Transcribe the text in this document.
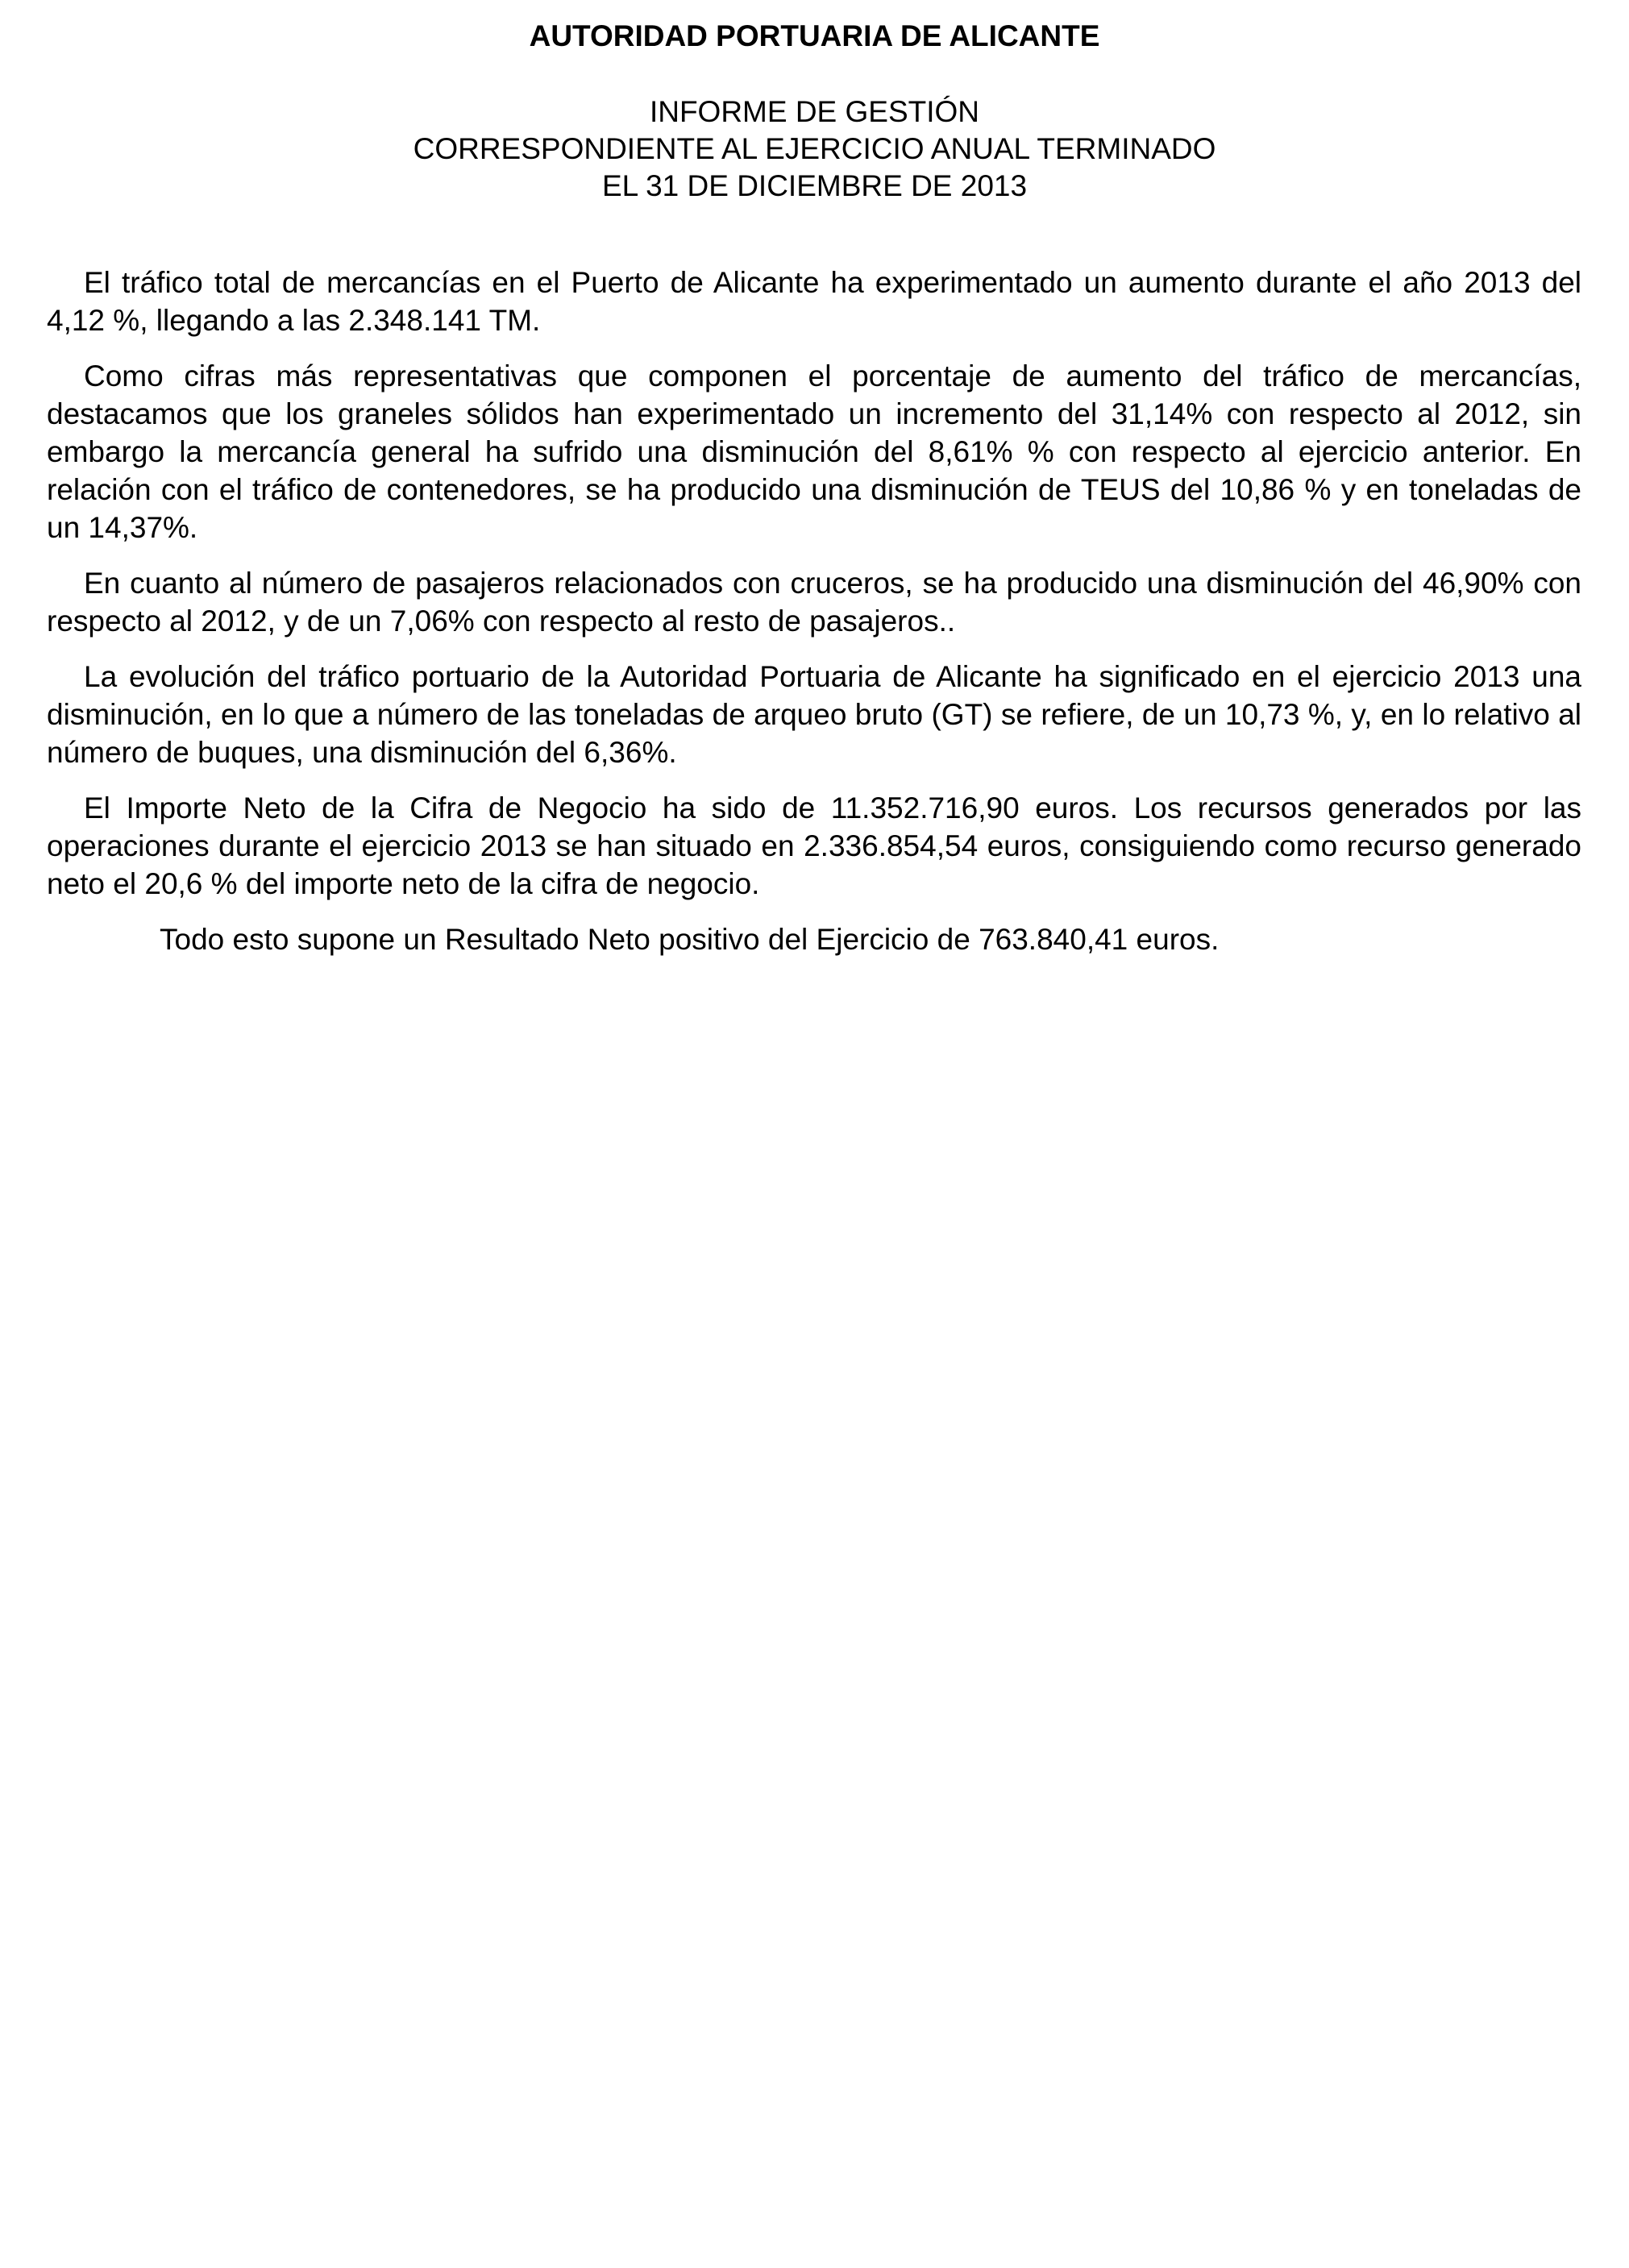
AUTORIDAD PORTUARIA DE ALICANTE
INFORME DE GESTIÓN
CORRESPONDIENTE AL EJERCICIO ANUAL TERMINADO
EL 31 DE DICIEMBRE DE 2013

El tráfico total de mercancías en el Puerto de Alicante ha experimentado un aumento durante el año 2013 del 4,12 %, llegando a las 2.348.141 TM.

Como cifras más representativas que componen el porcentaje de aumento del tráfico de mercancías, destacamos que los graneles sólidos han experimentado un incremento del 31,14% con respecto al 2012, sin embargo la mercancía general ha sufrido una disminución del 8,61% % con respecto al ejercicio anterior. En relación con el tráfico de contenedores, se ha producido una disminución de TEUS del 10,86 % y en toneladas de un 14,37%.

En cuanto al número de pasajeros relacionados con cruceros, se ha producido una disminución del 46,90% con respecto al 2012, y de un 7,06% con respecto al resto de pasajeros..

La evolución del tráfico portuario de la Autoridad Portuaria de Alicante ha significado en el ejercicio 2013 una disminución, en lo que a número de las toneladas de arqueo bruto (GT) se refiere, de un 10,73 %, y, en lo relativo al número de buques, una disminución del 6,36%.

El Importe Neto de la Cifra de Negocio ha sido de 11.352.716,90 euros. Los recursos generados por las operaciones durante el ejercicio 2013 se han situado en 2.336.854,54 euros, consiguiendo como recurso generado neto el 20,6 % del importe neto de la cifra de negocio.

Todo esto supone un Resultado Neto positivo del Ejercicio de 763.840,41 euros.
